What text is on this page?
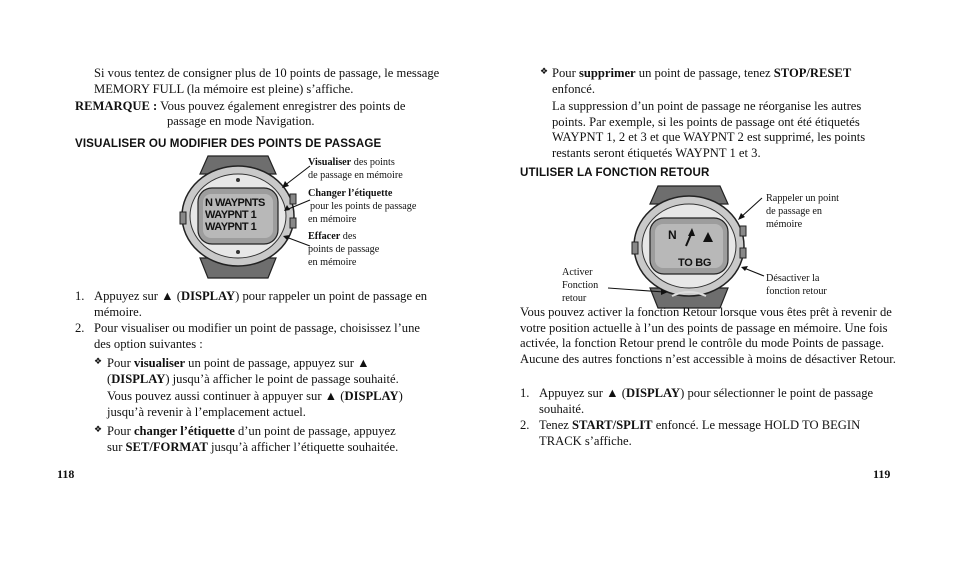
Si vous tentez de consigner plus de 10 points de passage, le message MEMORY FULL (la mémoire est pleine) s’affiche.
REMARQUE : Vous pouvez également enregistrer des points de
passage en mode Navigation.
VISUALISER OU MODIFIER DES POINTS DE PASSAGE
N WAYPNTS
WAYPNT 1
WAYPNT 1
Visualiser des points
de passage en mémoire
Changer l’étiquette
pour les points de passage
en mémoire
Effacer des
points de passage
en mémoire
1. Appuyez sur ▲ (DISPLAY) pour rappeler un point de passage en mémoire.
2. Pour visualiser ou modifier un point de passage, choisissez l’une des option suivantes :
❖ Pour visualiser un point de passage, appuyez sur ▲
(DISPLAY) jusqu’à afficher le point de passage souhaité.
Vous pouvez aussi continuer à appuyer sur ▲ (DISPLAY)
jusqu’à revenir à l’emplacement actuel.
❖ Pour changer l’étiquette d’un point de passage, appuyez
sur SET/FORMAT jusqu’à afficher l’étiquette souhaitée.
118
❖ Pour supprimer un point de passage, tenez STOP/RESET
enfoncé.
La suppression d’un point de passage ne réorganise les autres points. Par exemple, si les points de passage ont été étiquetés WAYPNT 1, 2 et 3 et que WAYPNT 2 est supprimé, les points restants seront étiquetés WAYPNT 1 et 3.
UTILISER LA FONCTION RETOUR
N
TO BG
Rappeler un point
de passage en
mémoire
Désactiver la
fonction retour
Activer
Fonction
retour
Vous pouvez activer la fonction Retour lorsque vous êtes prêt à revenir de votre position actuelle à l’un des points de passage en mémoire. Une fois activée, la fonction Retour prend le contrôle du mode Points de passage. Aucune des autres fonctions n’est accessible à moins de désactiver Retour.
1. Appuyez sur ▲ (DISPLAY) pour sélectionner le point de passage souhaité.
2. Tenez START/SPLIT enfoncé. Le message HOLD TO BEGIN TRACK s’affiche.
119
